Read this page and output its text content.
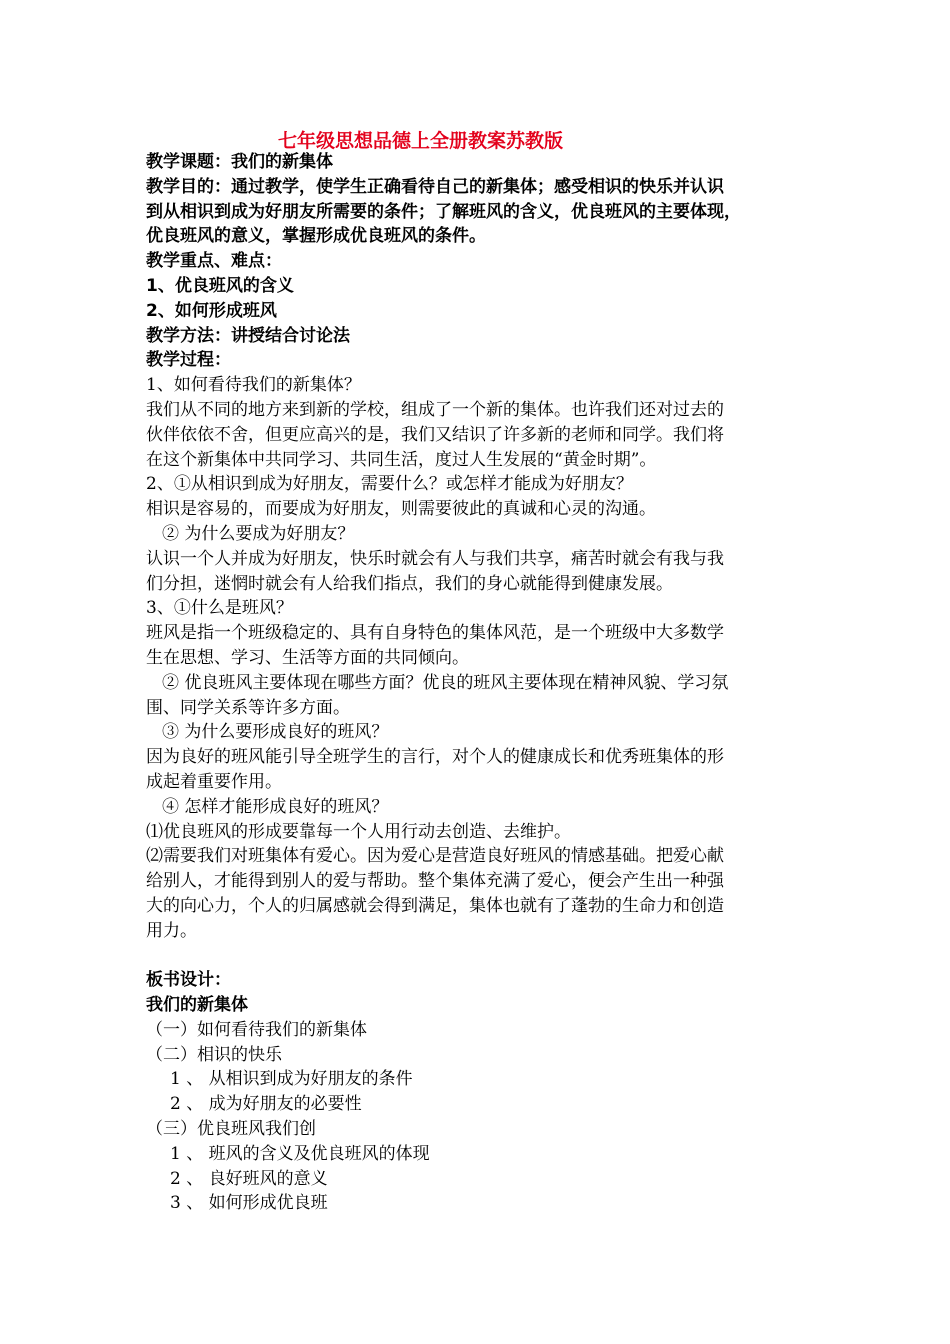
七年级思想品德上全册教案苏教版
教学课题：我们的新集体
教学目的：通过教学，使学生正确看待自己的新集体；感受相识的快乐并认识
到从相识到成为好朋友所需要的条件；了解班风的含义，优良班风的主要体现，
优良班风的意义，掌握形成优良班风的条件。
教学重点、难点：
1、优良班风的含义
2、如何形成班风
教学方法：讲授结合讨论法
教学过程：
1、如何看待我们的新集体？
我们从不同的地方来到新的学校，组成了一个新的集体。也许我们还对过去的
伙伴依依不舍，但更应高兴的是，我们又结识了许多新的老师和同学。我们将
在这个新集体中共同学习、共同生活，度过人生发展的“黄金时期”。
2、①从相识到成为好朋友，需要什么？或怎样才能成为好朋友？
相识是容易的，而要成为好朋友，则需要彼此的真诚和心灵的沟通。
② 为什么要成为好朋友？
认识一个人并成为好朋友，快乐时就会有人与我们共享，痛苦时就会有我与我
们分担，迷惘时就会有人给我们指点，我们的身心就能得到健康发展。
3、①什么是班风？
班风是指一个班级稳定的、具有自身特色的集体风范，是一个班级中大多数学
生在思想、学习、生活等方面的共同倾向。
② 优良班风主要体现在哪些方面？优良的班风主要体现在精神风貌、学习氛
围、同学关系等许多方面。
③ 为什么要形成良好的班风？
因为良好的班风能引导全班学生的言行，对个人的健康成长和优秀班集体的形
成起着重要作用。
④ 怎样才能形成良好的班风？
⑴优良班风的形成要靠每一个人用行动去创造、去维护。
⑵需要我们对班集体有爱心。因为爱心是营造良好班风的情感基础。把爱心献
给别人，才能得到别人的爱与帮助。整个集体充满了爱心，便会产生出一种强
大的向心力，个人的归属感就会得到满足，集体也就有了蓬勃的生命力和创造
用力。
板书设计：
我们的新集体
（一）如何看待我们的新集体
（二）相识的快乐
1 、 从相识到成为好朋友的条件
2 、 成为好朋友的必要性
（三）优良班风我们创
1 、 班风的含义及优良班风的体现
2 、 良好班风的意义
3 、 如何形成优良班
